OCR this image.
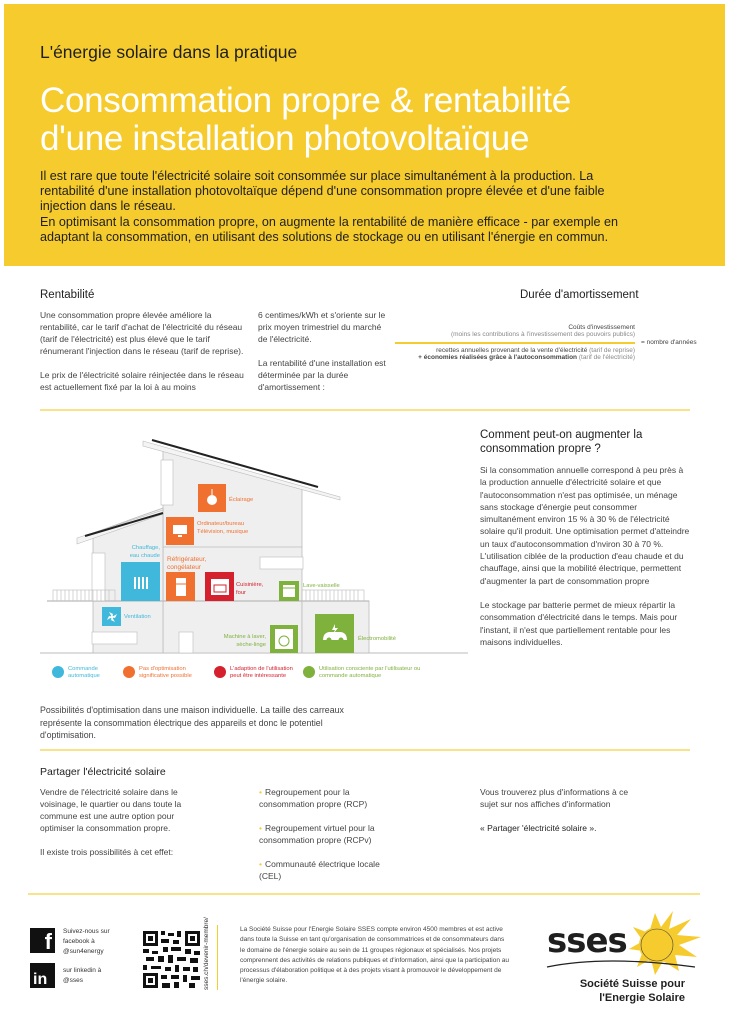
L'énergie solaire dans la pratique
Consommation propre & rentabilité
d'une installation photovoltaïque
Il est rare que toute l'électricité solaire soit consommée sur place simultanément à la production. La rentabilité d'une installation photovoltaïque dépend d'une consommation propre élevée et d'une faible injection dans le réseau.
En optimisant la consommation propre, on augmente la rentabilité de manière efficace - par exemple en adaptant la consommation, en utilisant des solutions de stockage ou en utilisant l'énergie en commun.
Rentabilité
Une consommation propre élevée améliore la rentabilité, car le tarif d'achat de l'électricité du réseau (tarif de l'électricité) est plus élevé que le tarif rénumerant l'injection dans le réseau (tarif de reprise).
Le prix de l'électricité solaire réinjectée dans le réseau est actuellement fixé par la loi à au moins
6 centimes/kWh et s'oriente sur le prix moyen trimestriel du marché de l'électricité.
La rentabilité d'une installation est déterminée par la durée d'amortissement :
Durée d'amortissement
Coûts d'investissement
(moins les contributions à l'investissement des pouvoirs publics)
= nombre d'années
recettes annuelles provenant de la vente d'électricité (tarif de reprise)
+ économies réalisées grâce à l'autoconsommation (tarif de l'électricité)
Éclairage
Ordinateur/bureau
Télévision, musique
Chauffage,
eau chaude
Réfrigérateur,
congélateur
Cuisinière,
four
Lave-vaisselle
Ventilation
Machine à laver,
sèche-linge
Électromobilité
Commande
automatique
Pas d'optimisation
significative possible
L'adaption de l'utilisation
peut être intéressante
Utilisation consciente par l'utilisateur ou
commande automatique
Possibilités d'optimisation dans une maison individuelle. La taille des carreaux représente la consommation électrique des appareils et donc le potentiel d'optimisation.
Comment peut-on augmenter la
consommation propre ?
Si la consommation annuelle correspond à peu près à la production annuelle d'électricité solaire et que l'autoconsommation n'est pas optimisée, un ménage sans stockage d'énergie peut consommer simultanément environ 15 % à 30 % de l'électricité solaire qu'il produit. Une optimisation permet d'atteindre un taux d'autoconsommation d'nviron 30 à 70 %. L'utilisation ciblée de la production d'eau chaude et du chauffage, ainsi que la mobilité électrique, permettent d'augmenter la part de consommation propre
Le stockage par batterie permet de mieux répartir la consommation d'électricité dans le temps. Mais pour l'instant, il n'est que partiellement rentable pour les maisons individuelles.
Partager l'électricité solaire
Vendre de l'électricité solaire dans le voisinage, le quartier ou dans toute la commune est une autre option pour optimiser la consommation propre.
Il existe trois possibilités à cet effet:
• Regroupement pour la consommation propre (RCP)
• Regroupement virtuel pour la consommation propre (RCPv)
• Communauté électrique locale (CEL)
Vous trouverez plus d'informations à ce sujet sur nos affiches d'information
« Partager 'électricité solaire ».
f Suivez-nous sur
facebook à
@sun4energy
in
sur linkedin à
@sses	sses.ch/devenir-membre/	La Société Suisse pour l'Energie Solaire SSES compte environ 4500 membres et est active dans toute la Suisse en tant qu'organisation de consommatrices et de consommateurs dans le domaine de l'énergie solaire au sein de 11 groupes régionaux et spécialisés. Nos projets comprennent des activités de relations publiques et d'information, ainsi que la participation au processus d'élaboration politique et à des projets visant à promouvoir le développement de l'énergie solaire.
sses
Société Suisse pour
l'Energie Solaire
